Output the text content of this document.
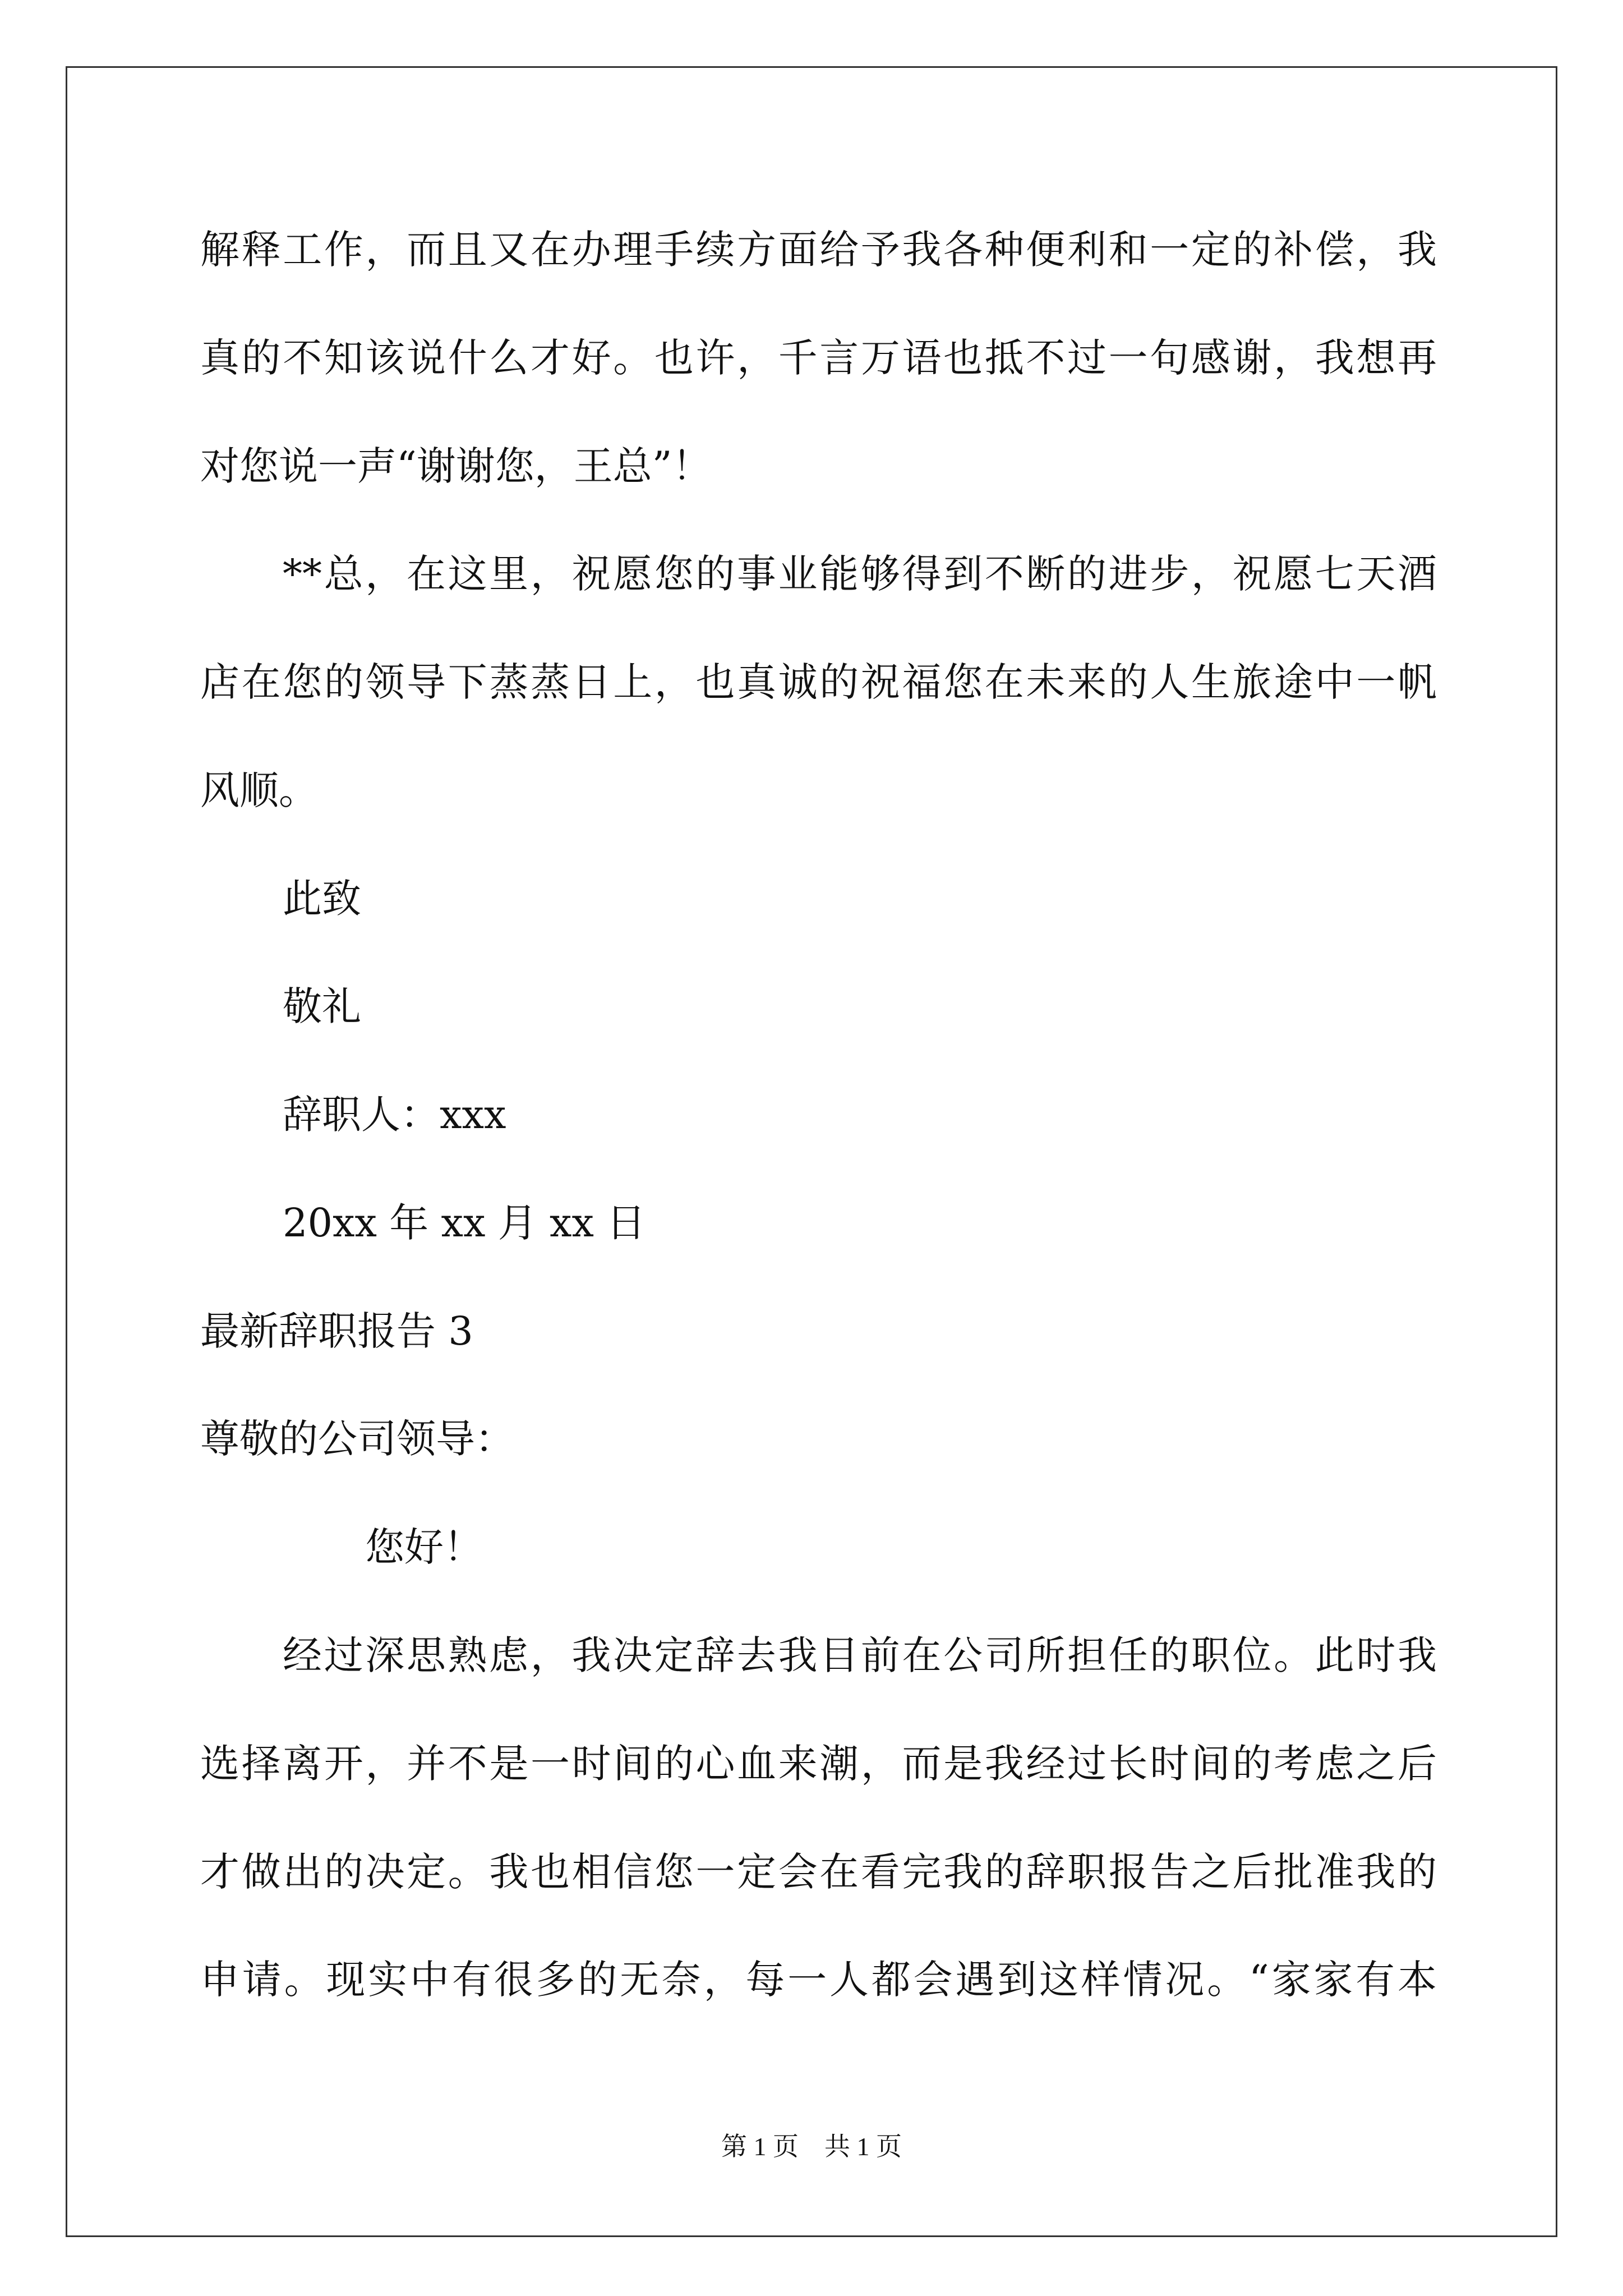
解释工作，而且又在办理手续方面给予我各种便利和一定的补偿，我
真的不知该说什么才好。也许，千言万语也抵不过一句感谢，我想再
对您说一声“谢谢您，王总”！
**总，在这里，祝愿您的事业能够得到不断的进步，祝愿七天酒
店在您的领导下蒸蒸日上，也真诚的祝福您在未来的人生旅途中一帆
风顺。
此致
敬礼
辞职人：xxx
20xx 年 xx 月 xx 日
最新辞职报告 3
尊敬的公司领导：
您好！
经过深思熟虑，我决定辞去我目前在公司所担任的职位。此时我
选择离开，并不是一时间的心血来潮，而是我经过长时间的考虑之后
才做出的决定。我也相信您一定会在看完我的辞职报告之后批准我的
申请。现实中有很多的无奈，每一人都会遇到这样情况。“家家有本
第 1 页　共 1 页
